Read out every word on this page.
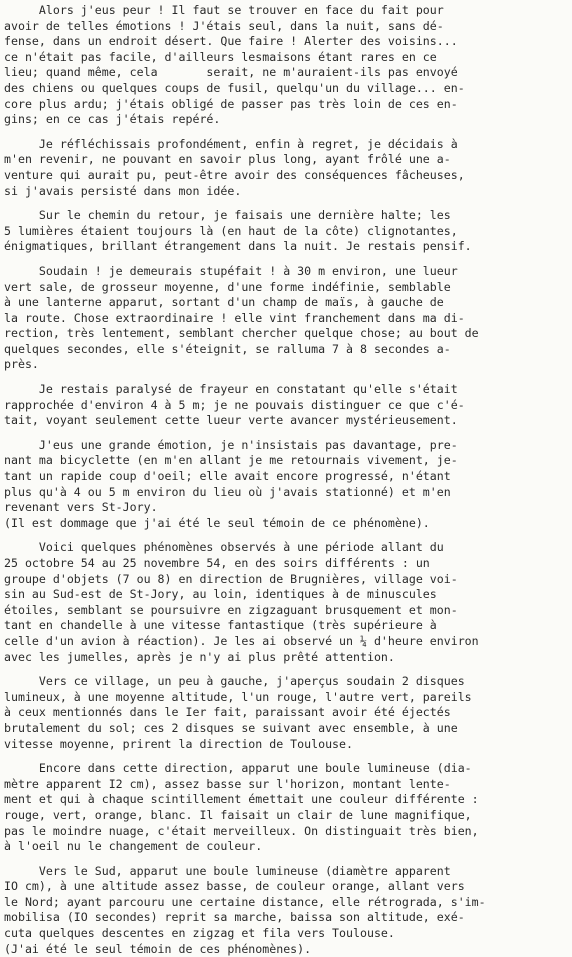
Alors j'eus peur ! Il faut se trouver en face du fait pour
avoir de telles émotions ! J'étais seul, dans la nuit, sans dé-
fense, dans un endroit désert. Que faire ! Alerter des voisins...
ce n'était pas facile, d'ailleurs lesmaisons étant rares en ce
lieu; quand même, cela       serait, ne m'auraient-ils pas envoyé
des chiens ou quelques coups de fusil, quelqu'un du village... en-
core plus ardu; j'étais obligé de passer pas très loin de ces en-
gins; en ce cas j'étais repéré.
Je réfléchissais profondément, enfin à regret, je décidais à
m'en revenir, ne pouvant en savoir plus long, ayant frôlé une a-
venture qui aurait pu, peut-être avoir des conséquences fâcheuses,
si j'avais persisté dans mon idée.
Sur le chemin du retour, je faisais une dernière halte; les
5 lumières étaient toujours là (en haut de la côte) clignotantes,
énigmatiques, brillant étrangement dans la nuit. Je restais pensif.
Soudain ! je demeurais stupéfait ! à 30 m environ, une lueur
vert sale, de grosseur moyenne, d'une forme indéfinie, semblable
à une lanterne apparut, sortant d'un champ de maïs, à gauche de
la route. Chose extraordinaire ! elle vint franchement dans ma di-
rection, très lentement, semblant chercher quelque chose; au bout de
quelques secondes, elle s'éteignit, se ralluma 7 à 8 secondes a-
près.
Je restais paralysé de frayeur en constatant qu'elle s'était
rapprochée d'environ 4 à 5 m; je ne pouvais distinguer ce que c'é-
tait, voyant seulement cette lueur verte avancer mystérieusement.
J'eus une grande émotion, je n'insistais pas davantage, pre-
nant ma bicyclette (en m'en allant je me retournais vivement, je-
tant un rapide coup d'oeil; elle avait encore progressé, n'étant
plus qu'à 4 ou 5 m environ du lieu où j'avais stationné) et m'en
revenant vers St-Jory.
(Il est dommage que j'ai été le seul témoin de ce phénomène).
Voici quelques phénomènes observés à une période allant du
25 octobre 54 au 25 novembre 54, en des soirs différents : un
groupe d'objets (7 ou 8) en direction de Brugnières, village voi-
sin au Sud-est de St-Jory, au loin, identiques à de minuscules
étoiles, semblant se poursuivre en zigzaguant brusquement et mon-
tant en chandelle à une vitesse fantastique (très supérieure à
celle d'un avion à réaction). Je les ai observé un ¼ d'heure environ
avec les jumelles, après je n'y ai plus prêté attention.
Vers ce village, un peu à gauche, j'aperçus soudain 2 disques
lumineux, à une moyenne altitude, l'un rouge, l'autre vert, pareils
à ceux mentionnés dans le Ier fait, paraissant avoir été éjectés
brutalement du sol; ces 2 disques se suivant avec ensemble, à une
vitesse moyenne, prirent la direction de Toulouse.
Encore dans cette direction, apparut une boule lumineuse (dia-
mètre apparent I2 cm), assez basse sur l'horizon, montant lente-
ment et qui à chaque scintillement émettait une couleur différente :
rouge, vert, orange, blanc. Il faisait un clair de lune magnifique,
pas le moindre nuage, c'était merveilleux. On distinguait très bien,
à l'oeil nu le changement de couleur.
Vers le Sud, apparut une boule lumineuse (diamètre apparent
IO cm), à une altitude assez basse, de couleur orange, allant vers
le Nord; ayant parcouru une certaine distance, elle rétrograda, s'im-
mobilisa (IO secondes) reprit sa marche, baissa son altitude, exé-
cuta quelques descentes en zigzag et fila vers Toulouse.
(J'ai été le seul témoin de ces phénomènes).
